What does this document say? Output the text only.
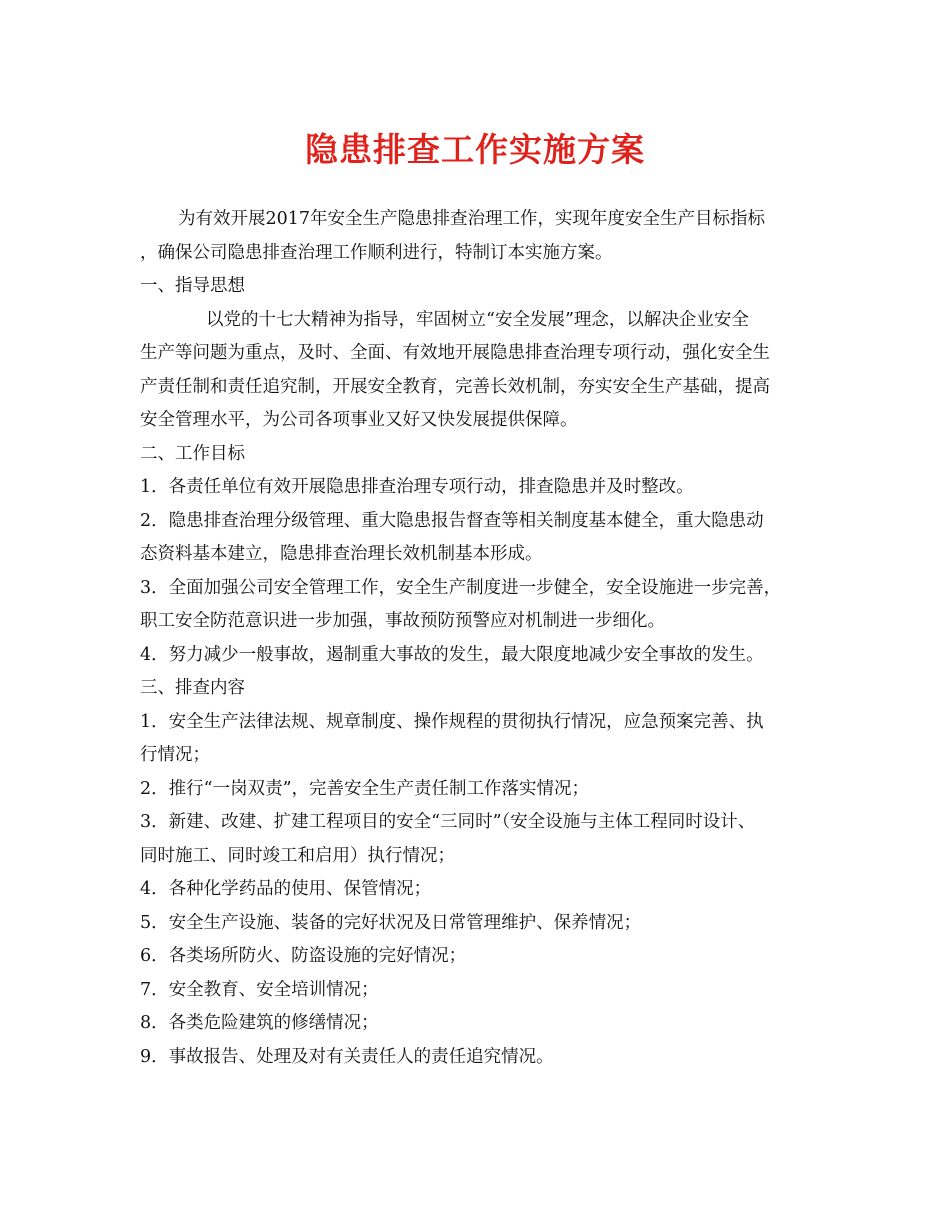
隐患排查工作实施方案

为有效开展2017年安全生产隐患排查治理工作，实现年度安全生产目标指标

，确保公司隐患排查治理工作顺利进行，特制订本实施方案。

一、指导思想

以党的十七大精神为指导，牢固树立“安全发展”理念，以解决企业安全

生产等问题为重点，及时、全面、有效地开展隐患排查治理专项行动，强化安全生

产责任制和责任追究制，开展安全教育，完善长效机制，夯实安全生产基础，提高

安全管理水平，为公司各项事业又好又快发展提供保障。

二、工作目标

1．各责任单位有效开展隐患排查治理专项行动，排查隐患并及时整改。

2．隐患排查治理分级管理、重大隐患报告督查等相关制度基本健全，重大隐患动

态资料基本建立，隐患排查治理长效机制基本形成。

3．全面加强公司安全管理工作，安全生产制度进一步健全，安全设施进一步完善，

职工安全防范意识进一步加强，事故预防预警应对机制进一步细化。

4．努力减少一般事故，遏制重大事故的发生，最大限度地减少安全事故的发生。

三、排查内容

1．安全生产法律法规、规章制度、操作规程的贯彻执行情况，应急预案完善、执

行情况；

2．推行“一岗双责”，完善安全生产责任制工作落实情况；

3．新建、改建、扩建工程项目的安全“三同时”（安全设施与主体工程同时设计、

同时施工、同时竣工和启用）执行情况；

4．各种化学药品的使用、保管情况；

5．安全生产设施、装备的完好状况及日常管理维护、保养情况；

6．各类场所防火、防盗设施的完好情况；

7．安全教育、安全培训情况；

8．各类危险建筑的修缮情况；

9．事故报告、处理及对有关责任人的责任追究情况。
